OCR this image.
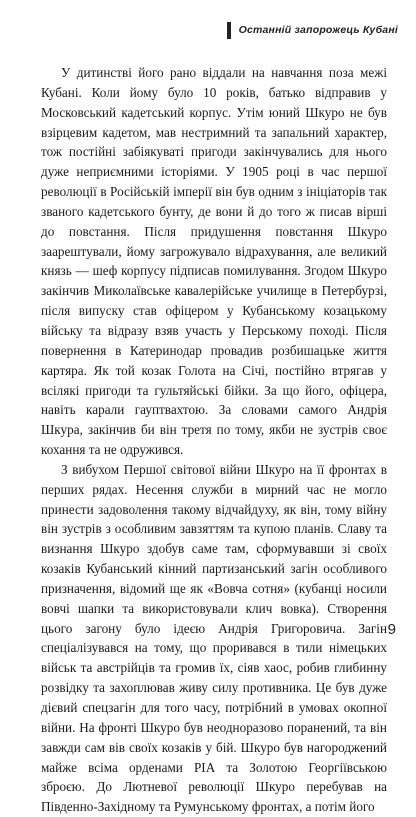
Останній запорожець Кубані

У дитинстві його рано віддали на навчання поза межі Кубані. Коли йому було 10 років, батько відправив у Московський кадетський корпус. Утім юний Шкуро не був взірцевим кадетом, мав нестримний та запальний характер, тож постійні забіякуваті пригоди закінчувались для нього дуже неприємними історіями. У 1905 році в час першої революції в Російській імперії він був одним з ініціаторів так званого кадетського бунту, де вони й до того ж писав вірші до повстання. Після придушення повстання Шкуро заарештували, йому загрожувало відрахування, але великий князь — шеф корпусу підписав помилування. Згодом Шкуро закінчив Миколаївське кавалерійське училище в Петербурзі, після випуску став офіцером у Кубанському козацькому війську та відразу взяв участь у Перському поході. Після повернення в Катеринодар провадив розбишацьке життя картяра. Як той козак Голота на Січі, постійно втрягав у всілякі пригоди та гультяйські бійки. За що його, офіцера, навіть карали гауптвахтою. За словами самого Андрія Шкура, закінчив би він третя по тому, якби не зустрів своє кохання та не одружився.

З вибухом Першої світової війни Шкуро на її фронтах в перших рядах. Несення служби в мирний час не могло принести задоволення такому відчайдуху, як він, тому війну він зустрів з особливим завзяттям та купою планів. Славу та визнання Шкуро здобув саме там, сформувавши зі своїх козаків Кубанський кінний партизанський загін особливого призначення, відомий ще як «Вовча сотня» (кубанці носили вовчі шапки та використовували клич вовка). Створення цього загону було ідеєю Андрія Григоровича. Загін спеціалізувався на тому, що проривався в тили німецьких військ та австрійців та громив їх, сіяв хаос, робив глибинну розвідку та захоплював живу силу противника. Це був дуже дієвий спецзагін для того часу, потрібний в умовах окопної війни. На фронті Шкуро був неодноразово поранений, та він завжди сам вів своїх козаків у бій. Шкуро був нагороджений майже всіма орденами РІА та Золотою Георгіївською зброєю. До Лютневої революції Шкуро перебував на Південно-Західному та Румунському фронтах, а потім його

9
